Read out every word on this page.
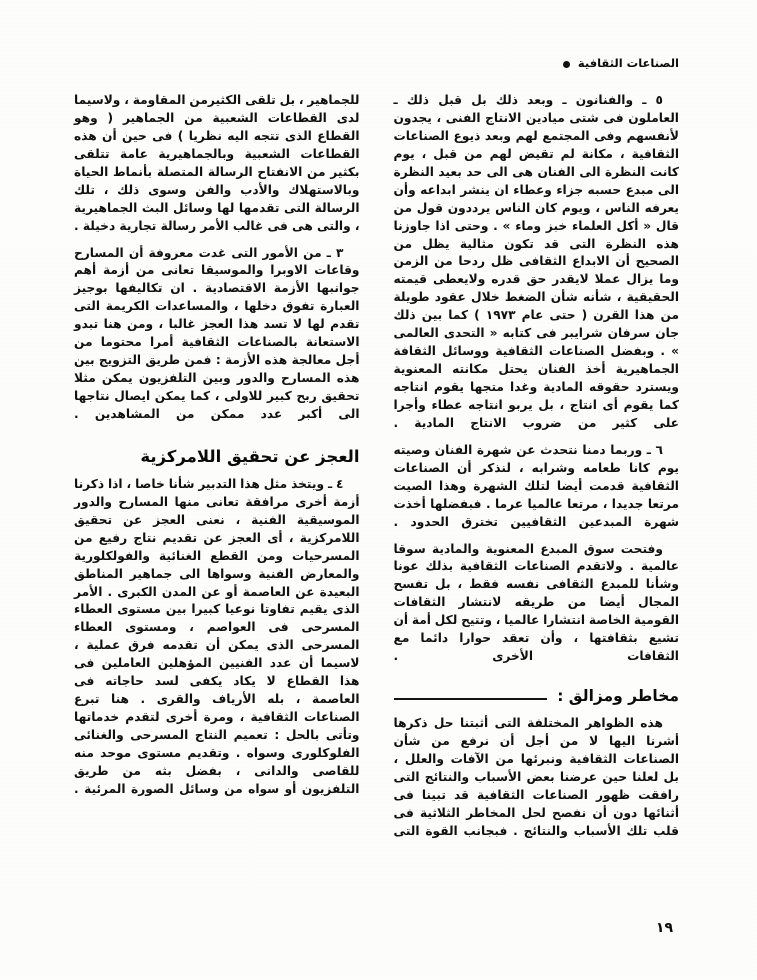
الصناعات الثقافية

٥ ـ والفنانون ـ وبعد ذلك بل قبل ذلك ـ العاملون فى شتى ميادين الانتاج الفنى ، يجدون لأنفسهم وفى المجتمع لهم وبعد ذيوع الصناعات الثقافية ، مكانة لم تقيض لهم من قبل ، يوم كانت النظرة الى الفنان هى الى حد بعيد النظرة الى مبدع حسبه جزاء وعطاء ان ينشر ابداعه وأن يعرفه الناس ، ويوم كان الناس يرددون قول من قال « أكل العلماء خبز وماء » . وحتى اذا جاوزنا هذه النظرة التى قد تكون مثالية يظل من الصحيح أن الابداع الثقافى ظل ردحا من الزمن وما يزال عملا لايقدر حق قدره ولايعطى قيمته الحقيقية ، شأنه شأن الضغط خلال عقود طويلة من هذا القرن ( حتى عام ١٩٧٣ ) كما بين ذلك جان سرفان شرايبر فى كتابه « التحدى العالمى » . وبفضل الصناعات الثقافية ووسائل الثقافة الجماهيرية أخذ الفنان يحتل مكانته المعنوية ويسترد حقوقه المادية وغدا متجها يقوم انتاجه كما يقوم أى انتاج ، بل يربو انتاجه عطاء وأجرا على كثير من ضروب الانتاج المادية .

٦ ـ وربما دمنا نتحدث عن شهرة الفنان وصيته يوم كانا طعامه وشرابه ، لنذكر أن الصناعات الثقافية قدمت أيضا لتلك الشهرة وهذا الصيت مرتعا جديدا ، مرتعا عالميا عرما . فبفضلها أخذت شهرة المبدعين الثقافيين تخترق الحدود .

وفتحت سوق المبدع المعنوية والمادية سوقا عالمية . ولاتقدم الصناعات الثقافية بذلك عونا وشأنا للمبدع الثقافى نفسه فقط ، بل تفسح المجال أيضا من طريقه لانتشار الثقافات القومية الخاصة انتشارا عالميا ، وتتيح لكل أمة أن تشيع بثقافتها ، وأن تعقد حوارا دائما مع الثقافات الأخرى .

مخاطر ومزالق :

هذه الظواهر المختلفة التى أثبتنا حل ذكرها أشرنا اليها لا من أجل أن نرفع من شأن الصناعات الثقافية ونبرئها من الآفات والعلل ، بل لعلنا حين عرضنا بعض الأسباب والنتائج التى رافقت ظهور الصناعات الثقافية قد تبينا فى أثنائها دون أن نفصح لحل المخاطر الثلاثية فى قلب تلك الأسباب والنتائج . فبجانب القوة التى

للجماهير ، بل تلقى الكثيرمن المقاومة ، ولاسيما لدى القطاعات الشعبية من الجماهير ( وهو القطاع الذى تتجه اليه نظريا ) فى حين أن هذه القطاعات الشعبية وبالجماهيرية عامة تتلقى بكثير من الانفتاح الرسالة المتصلة بأنماط الحياة وبالاستهلاك والأدب والفن وسوى ذلك ، تلك الرسالة التى تقدمها لها وسائل البث الجماهيرية ، والتى هى فى غالب الأمر رسالة تجارية دخيلة .

٣ ـ من الأمور التى غدت معروفة أن المسارح وقاعات الاوبرا والموسيقا تعانى من أزمة أهم جوانبها الأزمة الاقتصادية . ان تكاليفها بوجيز العبارة تفوق دخلها ، والمساعدات الكريمة التى تقدم لها لا تسد هذا العجز غالبا ، ومن هنا تبدو الاستعانة بالصناعات الثقافية أمرا محتوما من أجل معالجة هذه الأزمة : فمن طريق التزويج بين هذه المسارح والدور وبين التلفزيون يمكن مثلا تحقيق ربح كبير للاولى ، كما يمكن ايصال نتاجها الى أكبر عدد ممكن من المشاهدين .

العجز عن تحقيق اللامركزية

٤ ـ ويتخذ مثل هذا التدبير شأنا خاصا ، اذا ذكرنا أزمة أخرى مرافقة تعانى منها المسارح والدور الموسيقية الفنية ، نعنى العجز عن تحقيق اللامركزية ، أى العجز عن تقديم نتاج رفيع من المسرحيات ومن القطع الغنائية والفولكلورية والمعارض الفنية وسواها الى جماهير المناطق البعيدة عن العاصمة أو عن المدن الكبرى . الأمر الذى يقيم تفاوتا نوعيا كبيرا بين مستوى العطاء المسرحى فى العواصم ، ومستوى العطاء المسرحى الذى يمكن أن تقدمه فرق عملية ، لاسيما أن عدد الفنيين المؤهلين العاملين فى هذا القطاع لا يكاد يكفى لسد حاجاته فى العاصمة ، بله الأرياف والقرى . هنا تبرع الصناعات الثقافية ، ومرة أخرى لتقدم خدماتها وتأتى بالحل : تعميم النتاج المسرحى والغنائى الفلوكلورى وسواه . وتقديم مستوى موحد منه للقاصى والدانى ، بفضل بثه من طريق التلفزيون أو سواه من وسائل الصورة المرئية .

١٩
